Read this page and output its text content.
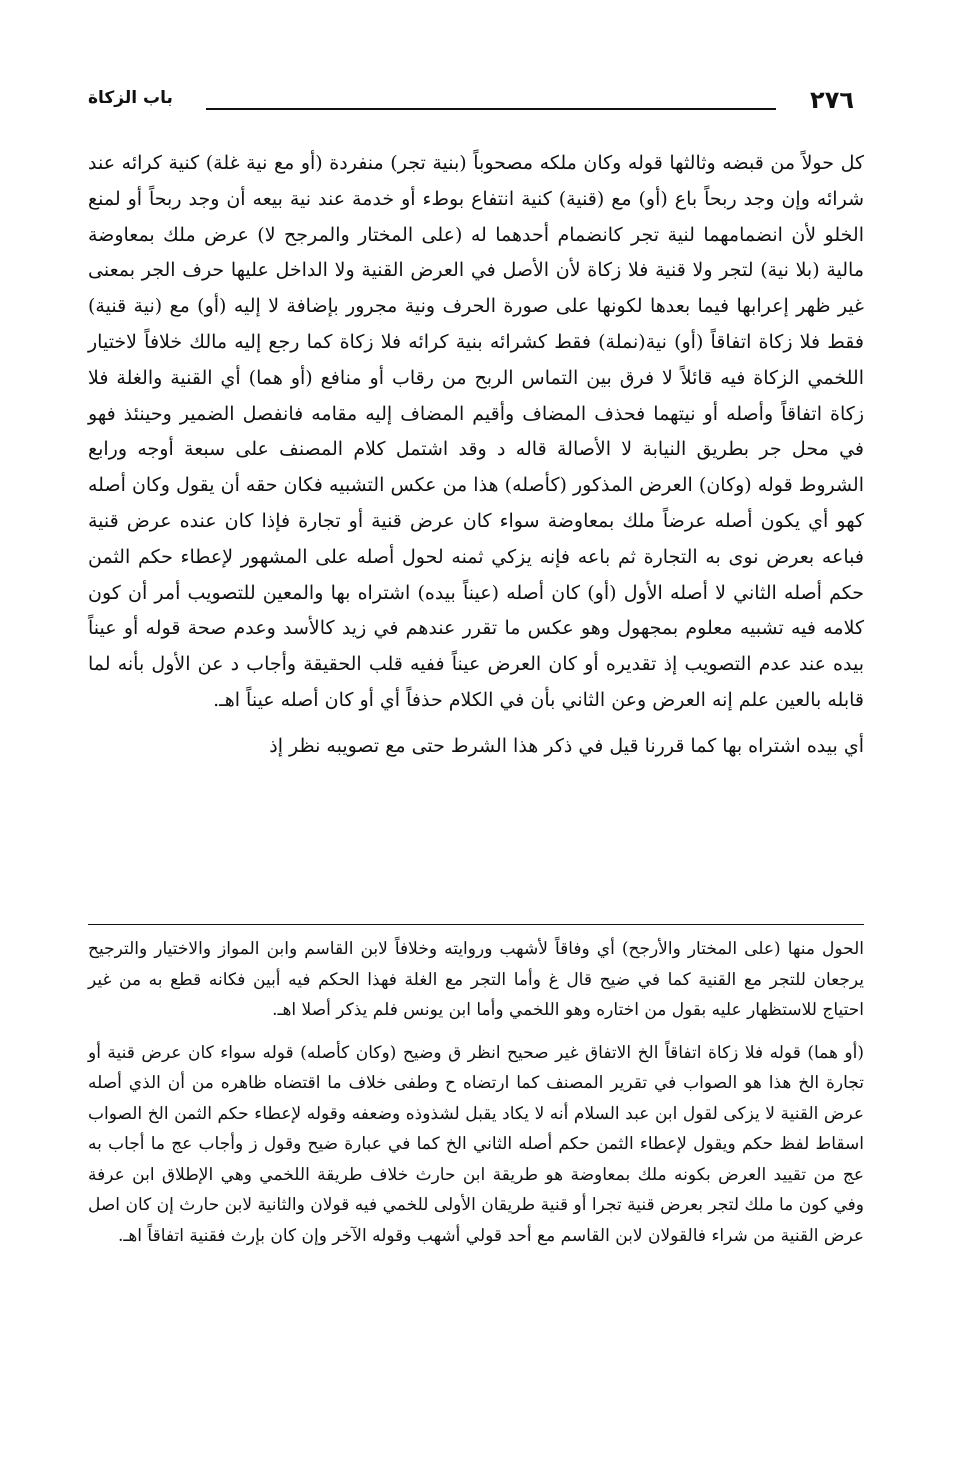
٢٧٦
باب الزكاة

كل حولاً من قبضه وثالثها قوله وكان ملكه مصحوباً (بنية تجر) منفردة (أو مع نية غلة) كنية كرائه عند شرائه وإن وجد ربحاً باع (أو) مع (قنية) كنية انتفاع بوطء أو خدمة عند نية بيعه أن وجد ربحاً أو لمنع الخلو لأن انضمامهما لنية تجر كانضمام أحدهما له (على المختار والمرجح لا) عرض ملك بمعاوضة مالية (بلا نية) لتجر ولا قنية فلا زكاة لأن الأصل في العرض القنية ولا الداخل عليها حرف الجر بمعنى غير ظهر إعرابها فيما بعدها لكونها على صورة الحرف ونية مجرور بإضافة لا إليه (أو) مع (نية قنية) فقط فلا زكاة اتفاقاً (أو) نية(نملة) فقط كشرائه بنية كرائه فلا زكاة كما رجع إليه مالك خلافاً لاختيار اللخمي الزكاة فيه قائلاً لا فرق بين التماس الربح من رقاب أو منافع (أو هما) أي القنية والغلة فلا زكاة اتفاقاً وأصله أو نيتهما فحذف المضاف وأقيم المضاف إليه مقامه فانفصل الضمير وحينئذ فهو في محل جر بطريق النيابة لا الأصالة قاله د وقد اشتمل كلام المصنف على سبعة أوجه ورابع الشروط قوله (وكان) العرض المذكور (كأصله) هذا من عكس التشبيه فكان حقه أن يقول وكان أصله كهو أي يكون أصله عرضاً ملك بمعاوضة سواء كان عرض قنية أو تجارة فإذا كان عنده عرض قنية فباعه بعرض نوى به التجارة ثم باعه فإنه يزكي ثمنه لحول أصله على المشهور لإعطاء حكم الثمن حكم أصله الثاني لا أصله الأول (أو) كان أصله (عيناً بيده) اشتراه بها والمعين للتصويب أمر أن كون كلامه فيه تشبيه معلوم بمجهول وهو عكس ما تقرر عندهم في زيد كالأسد وعدم صحة قوله أو عيناً بيده عند عدم التصويب إذ تقديره أو كان العرض عيناً ففيه قلب الحقيقة وأجاب د عن الأول بأنه لما قابله بالعين علم إنه العرض وعن الثاني بأن في الكلام حذفاً أي أو كان أصله عيناً اهـ.

أي بيده اشتراه بها كما قررنا قيل في ذكر هذا الشرط حتى مع تصويبه نظر إذ

الحول منها (على المختار والأرجح) أي وفاقاً لأشهب وروايته وخلافاً لابن القاسم وابن المواز والاختيار والترجيح يرجعان للتجر مع القنية كما في ضيح قال غ وأما التجر مع الغلة فهذا الحكم فيه أبين فكانه قطع به من غير احتياج للاستظهار عليه بقول من اختاره وهو اللخمي وأما ابن يونس فلم يذكر أصلا اهـ.

(أو هما) قوله فلا زكاة اتفاقاً الخ الاتفاق غير صحيح انظر ق وضيح (وكان كأصله) قوله سواء كان عرض قنية أو تجارة الخ هذا هو الصواب في تقرير المصنف كما ارتضاه ح وطفى خلاف ما اقتضاه ظاهره من أن الذي أصله عرض القنية لا يزكى لقول ابن عبد السلام أنه لا يكاد يقبل لشذوذه وضعفه وقوله لإعطاء حكم الثمن الخ الصواب اسقاط لفظ حكم ويقول لإعطاء الثمن حكم أصله الثاني الخ كما في عبارة ضيح وقول ز وأجاب عج ما أجاب به عج من تقييد العرض بكونه ملك بمعاوضة هو طريقة ابن حارث خلاف طريقة اللخمي وهي الإطلاق ابن عرفة وفي كون ما ملك لتجر بعرض قنية تجرا أو قنية طريقان الأولى للخمي فيه قولان والثانية لابن حارث إن كان اصل عرض القنية من شراء فالقولان لابن القاسم مع أحد قولي أشهب وقوله الآخر وإن كان بإرث فقنية اتفاقاً اهـ.
